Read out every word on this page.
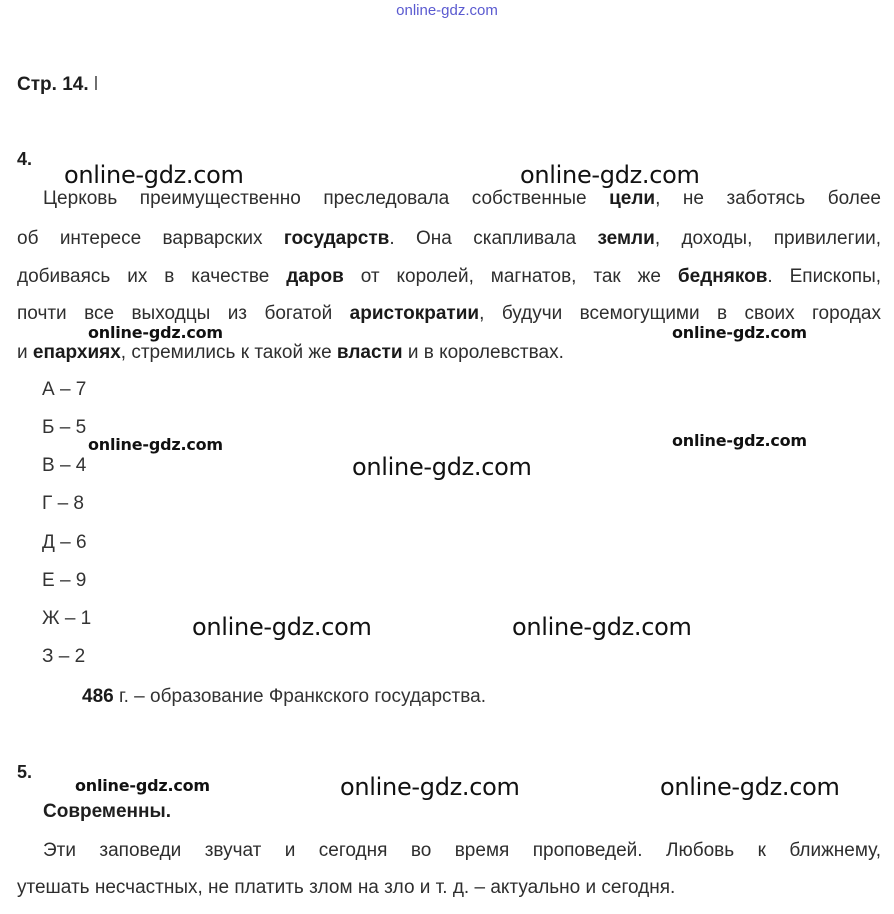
online-gdz.com
Стр. 14. l
4.
Церковь преимущественно преследовала собственные цели, не заботясь более
об интересе варварских государств. Она скапливала земли, доходы, привилегии,
добиваясь их в качестве даров от королей, магнатов, так же бедняков. Епископы,
почти все выходцы из богатой аристократии, будучи всемогущими в своих городах
и епархиях, стремились к такой же власти и в королевствах.
А – 7
Б – 5
В – 4
Г – 8
Д – 6
Е – 9
Ж – 1
З – 2
486 г. – образование Франкского государства.
5.
Современны.
Эти заповеди звучат и сегодня во время проповедей. Любовь к ближнему,
утешать несчастных, не платить злом на зло и т. д. – актуально и сегодня.
online-gdz.com	online-gdz.com
online-gdz.com	online-gdz.com
online-gdz.com	online-gdz.com
online-gdz.com
online-gdz.com	online-gdz.com
online-gdz.com	online-gdz.com	online-gdz.com
